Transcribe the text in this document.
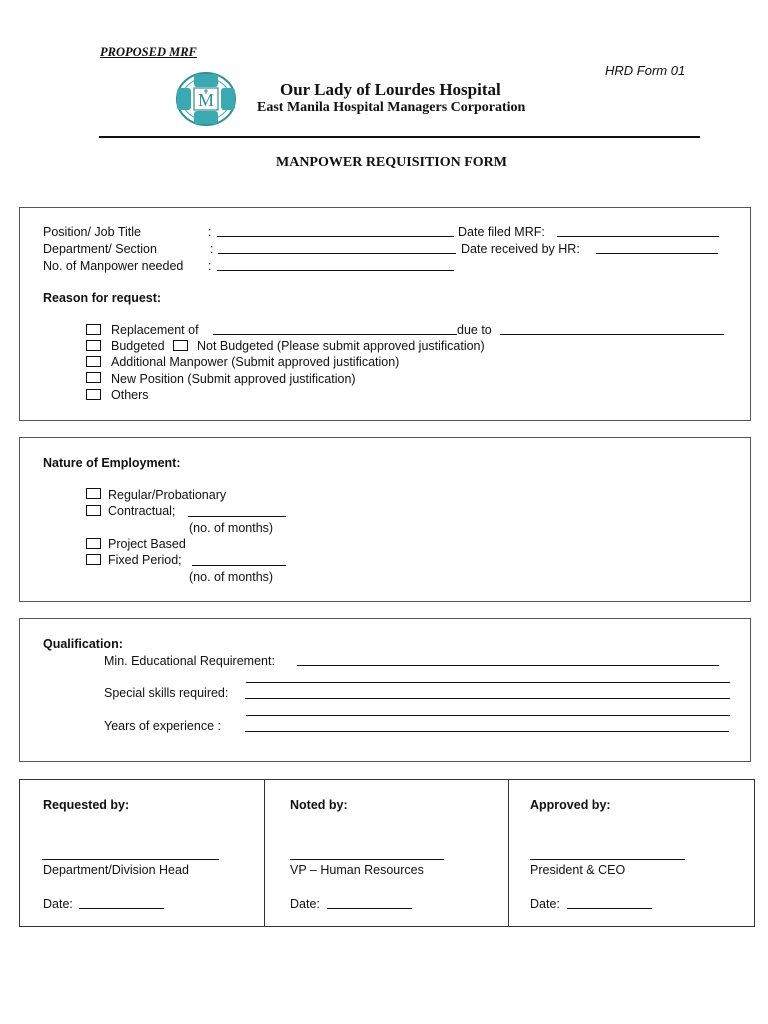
PROPOSED MRF
HRD Form 01
M
Our Lady of Lourdes Hospital
East Manila Hospital Managers Corporation
MANPOWER REQUISITION FORM
Position/ Job Title	:	Date filed MRF:
Department/ Section	:	Date received by HR:
No. of Manpower needed :
Reason for request:
Replacement of	due to
Budgeted	Not Budgeted (Please submit approved justification)
Additional Manpower (Submit approved justification)
New Position (Submit approved justification)
Others
Nature of Employment:
Regular/Probationary
Contractual;
(no. of months)
Project Based
Fixed Period;
(no. of months)
Qualification:
Min. Educational Requirement:
Special skills required:
Years of experience :
Requested by:
Department/Division Head
Date:
Noted by:
VP – Human Resources
Date:
Approved by:
President & CEO
Date:
